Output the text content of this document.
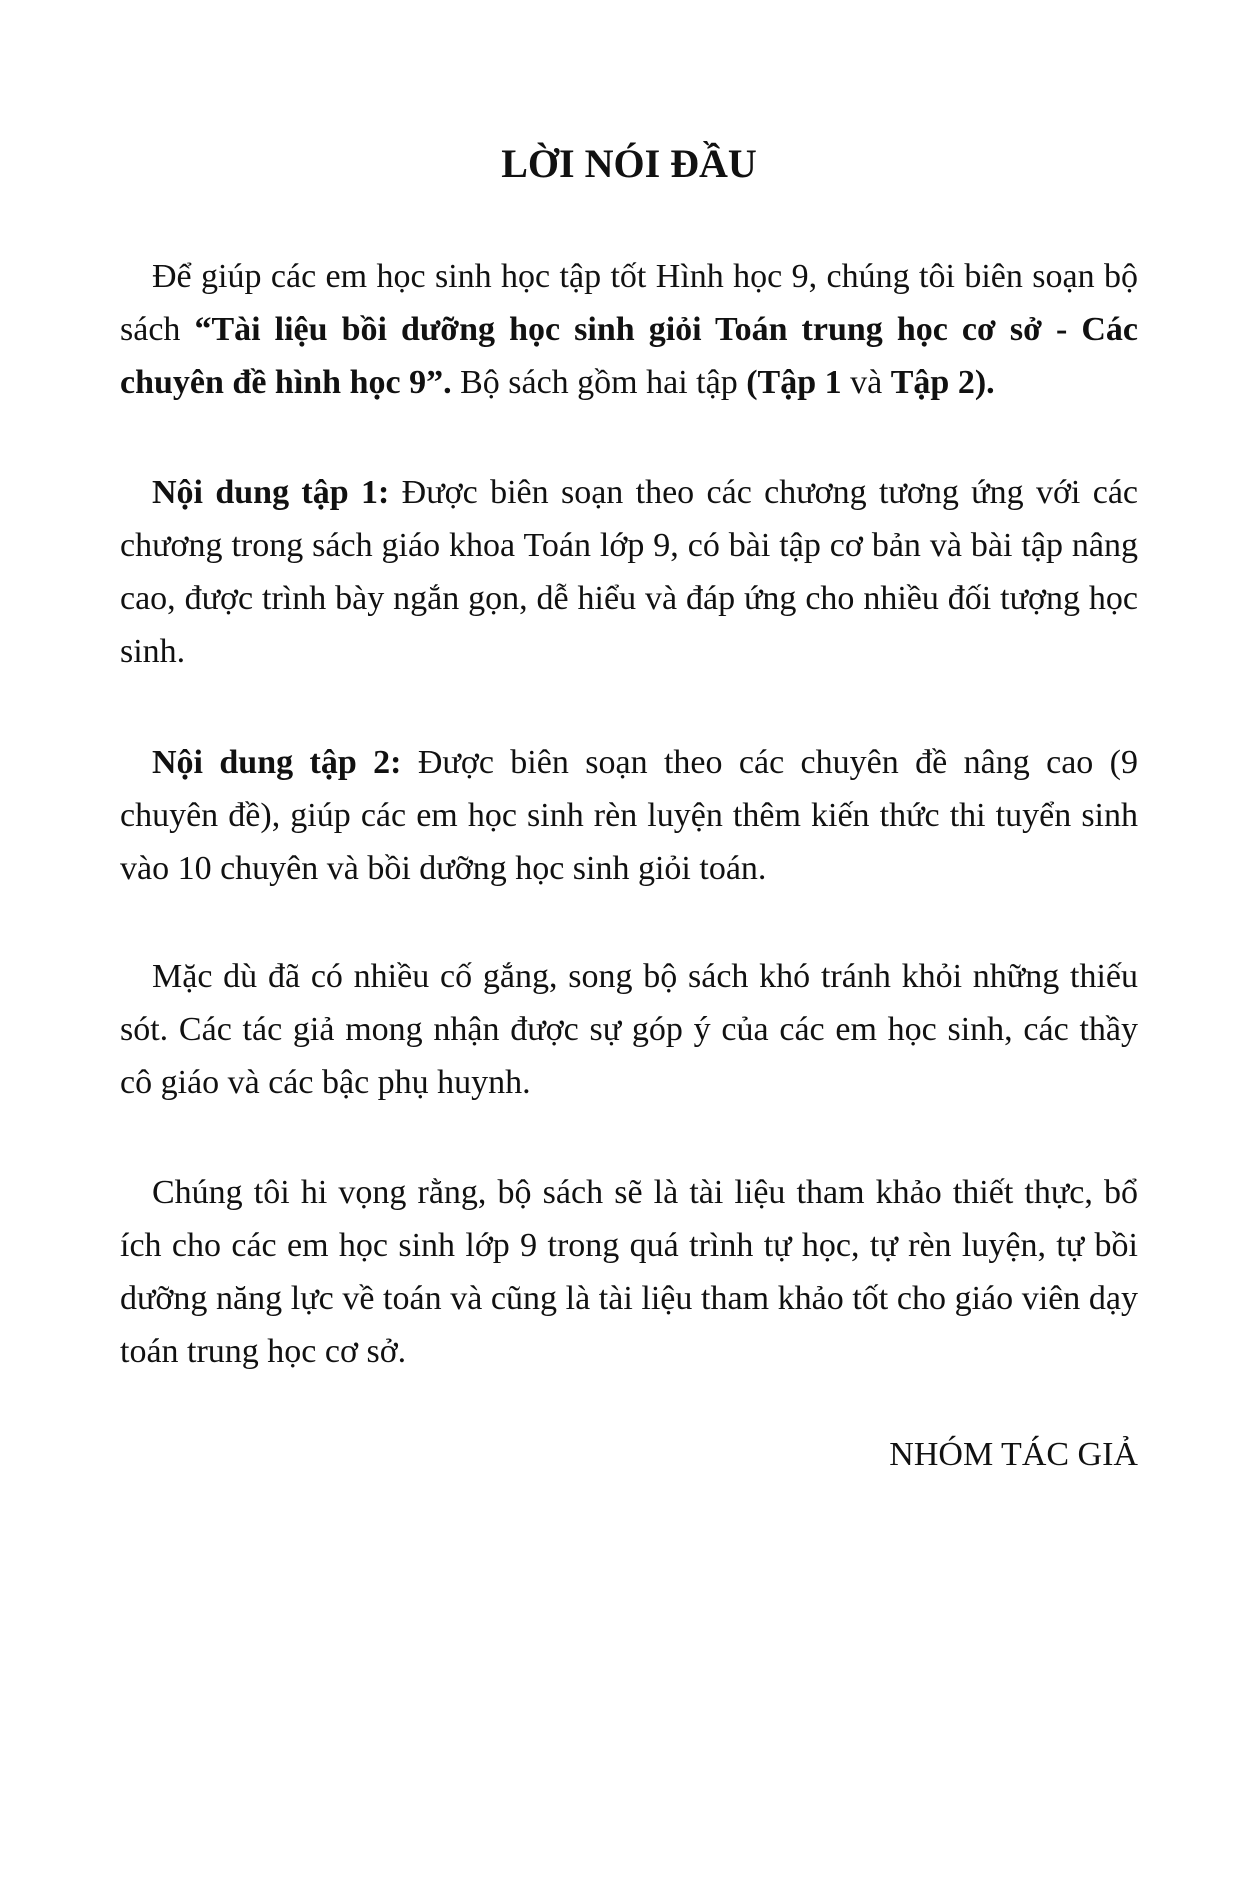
LỜI NÓI ĐẦU

Để giúp các em học sinh học tập tốt Hình học 9, chúng tôi biên soạn bộ sách “Tài liệu bồi dưỡng học sinh giỏi Toán trung học cơ sở - Các chuyên đề hình học 9”. Bộ sách gồm hai tập (Tập 1 và Tập 2).

Nội dung tập 1: Được biên soạn theo các chương tương ứng với các chương trong sách giáo khoa Toán lớp 9, có bài tập cơ bản và bài tập nâng cao, được trình bày ngắn gọn, dễ hiểu và đáp ứng cho nhiều đối tượng học sinh.

Nội dung tập 2: Được biên soạn theo các chuyên đề nâng cao (9 chuyên đề), giúp các em học sinh rèn luyện thêm kiến thức thi tuyển sinh vào 10 chuyên và bồi dưỡng học sinh giỏi toán.

Mặc dù đã có nhiều cố gắng, song bộ sách khó tránh khỏi những thiếu sót. Các tác giả mong nhận được sự góp ý của các em học sinh, các thầy cô giáo và các bậc phụ huynh.

Chúng tôi hi vọng rằng, bộ sách sẽ là tài liệu tham khảo thiết thực, bổ ích cho các em học sinh lớp 9 trong quá trình tự học, tự rèn luyện, tự bồi dưỡng năng lực về toán và cũng là tài liệu tham khảo tốt cho giáo viên dạy toán trung học cơ sở.

NHÓM TÁC GIẢ
